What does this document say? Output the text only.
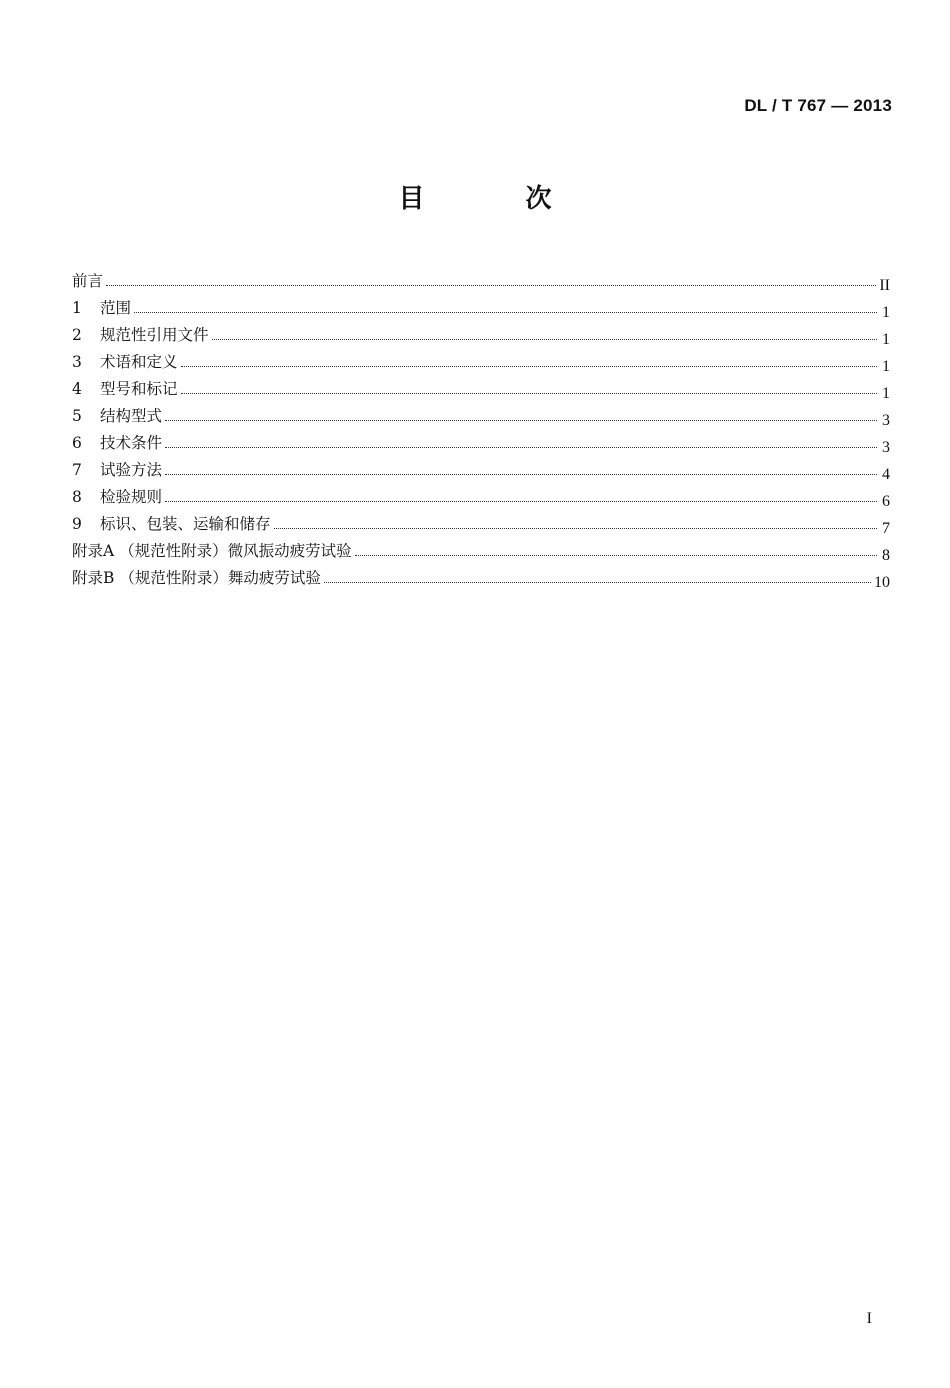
DL / T 767 — 2013
目 次
前言	II
1	范围	1
2	规范性引用文件	1
3	术语和定义	1
4	型号和标记	1
5	结构型式	3
6	技术条件	3
7	试验方法	4
8	检验规则	6
9	标识、包装、运输和储存	7
附录A （规范性附录）微风振动疲劳试验	8
附录B （规范性附录）舞动疲劳试验	10
I
